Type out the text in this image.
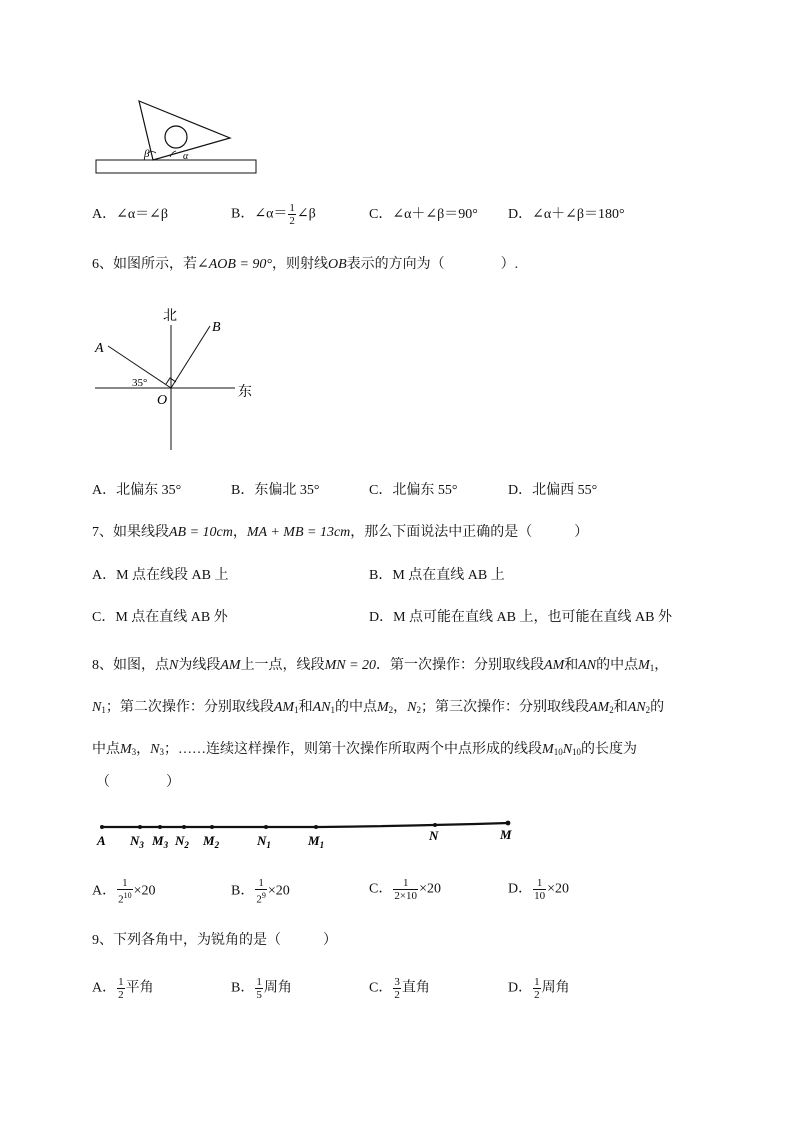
β	α
A．∠α＝∠β	B．∠α＝ $\frac{1}{2}$ ∠β	C．∠α＋∠β＝90° D．∠α＋∠β＝180°
6、如图所示，若∠AOB = 90°，则射线OB表示的方向为（　　　　）.
北
东
A
B
O
35°
A．北偏东 35°	B．东偏北 35°	C．北偏东 55°	D．北偏西 55°
7、如果线段AB = 10cm，MA + MB = 13cm，那么下面说法中正确的是（　　　）
A．M 点在线段 AB 上	B．M 点在直线 AB 上
C．M 点在直线 AB 外	D．M 点可能在直线 AB 上，也可能在直线 AB 外
8、如图，点N为线段AM上一点，线段MN = 20．第一次操作：分别取线段AM和AN的中点$M_1$，
$N_1$；第二次操作：分别取线段$AM_1$和$AN_1$的中点$M_2$，$N_2$；第三次操作：分别取线段$AM_2$和$AN_2$的
中点$M_3$，$N_3$；……连续这样操作，则第十次操作所取两个中点形成的线段$M_{10}N_{10}$的长度为
（　　　　）
A $N_3$ $M_3$ $N_2$ $M_2$	$N_1$	$M_1$
N	M
A． $\frac{1}{2^{10}} \times 20$	B． $\frac{1}{2^9} \times 20$	C． $\frac{1}{2\times 10} \times 20$	D． $\frac{1}{10} \times 20$
9、下列各角中，为锐角的是（　　　）
A． $\frac{1}{2}$ 平角	B． $\frac{1}{5}$ 周角	C． $\frac{3}{2}$ 直角	D． $\frac{1}{2}$ 周角
